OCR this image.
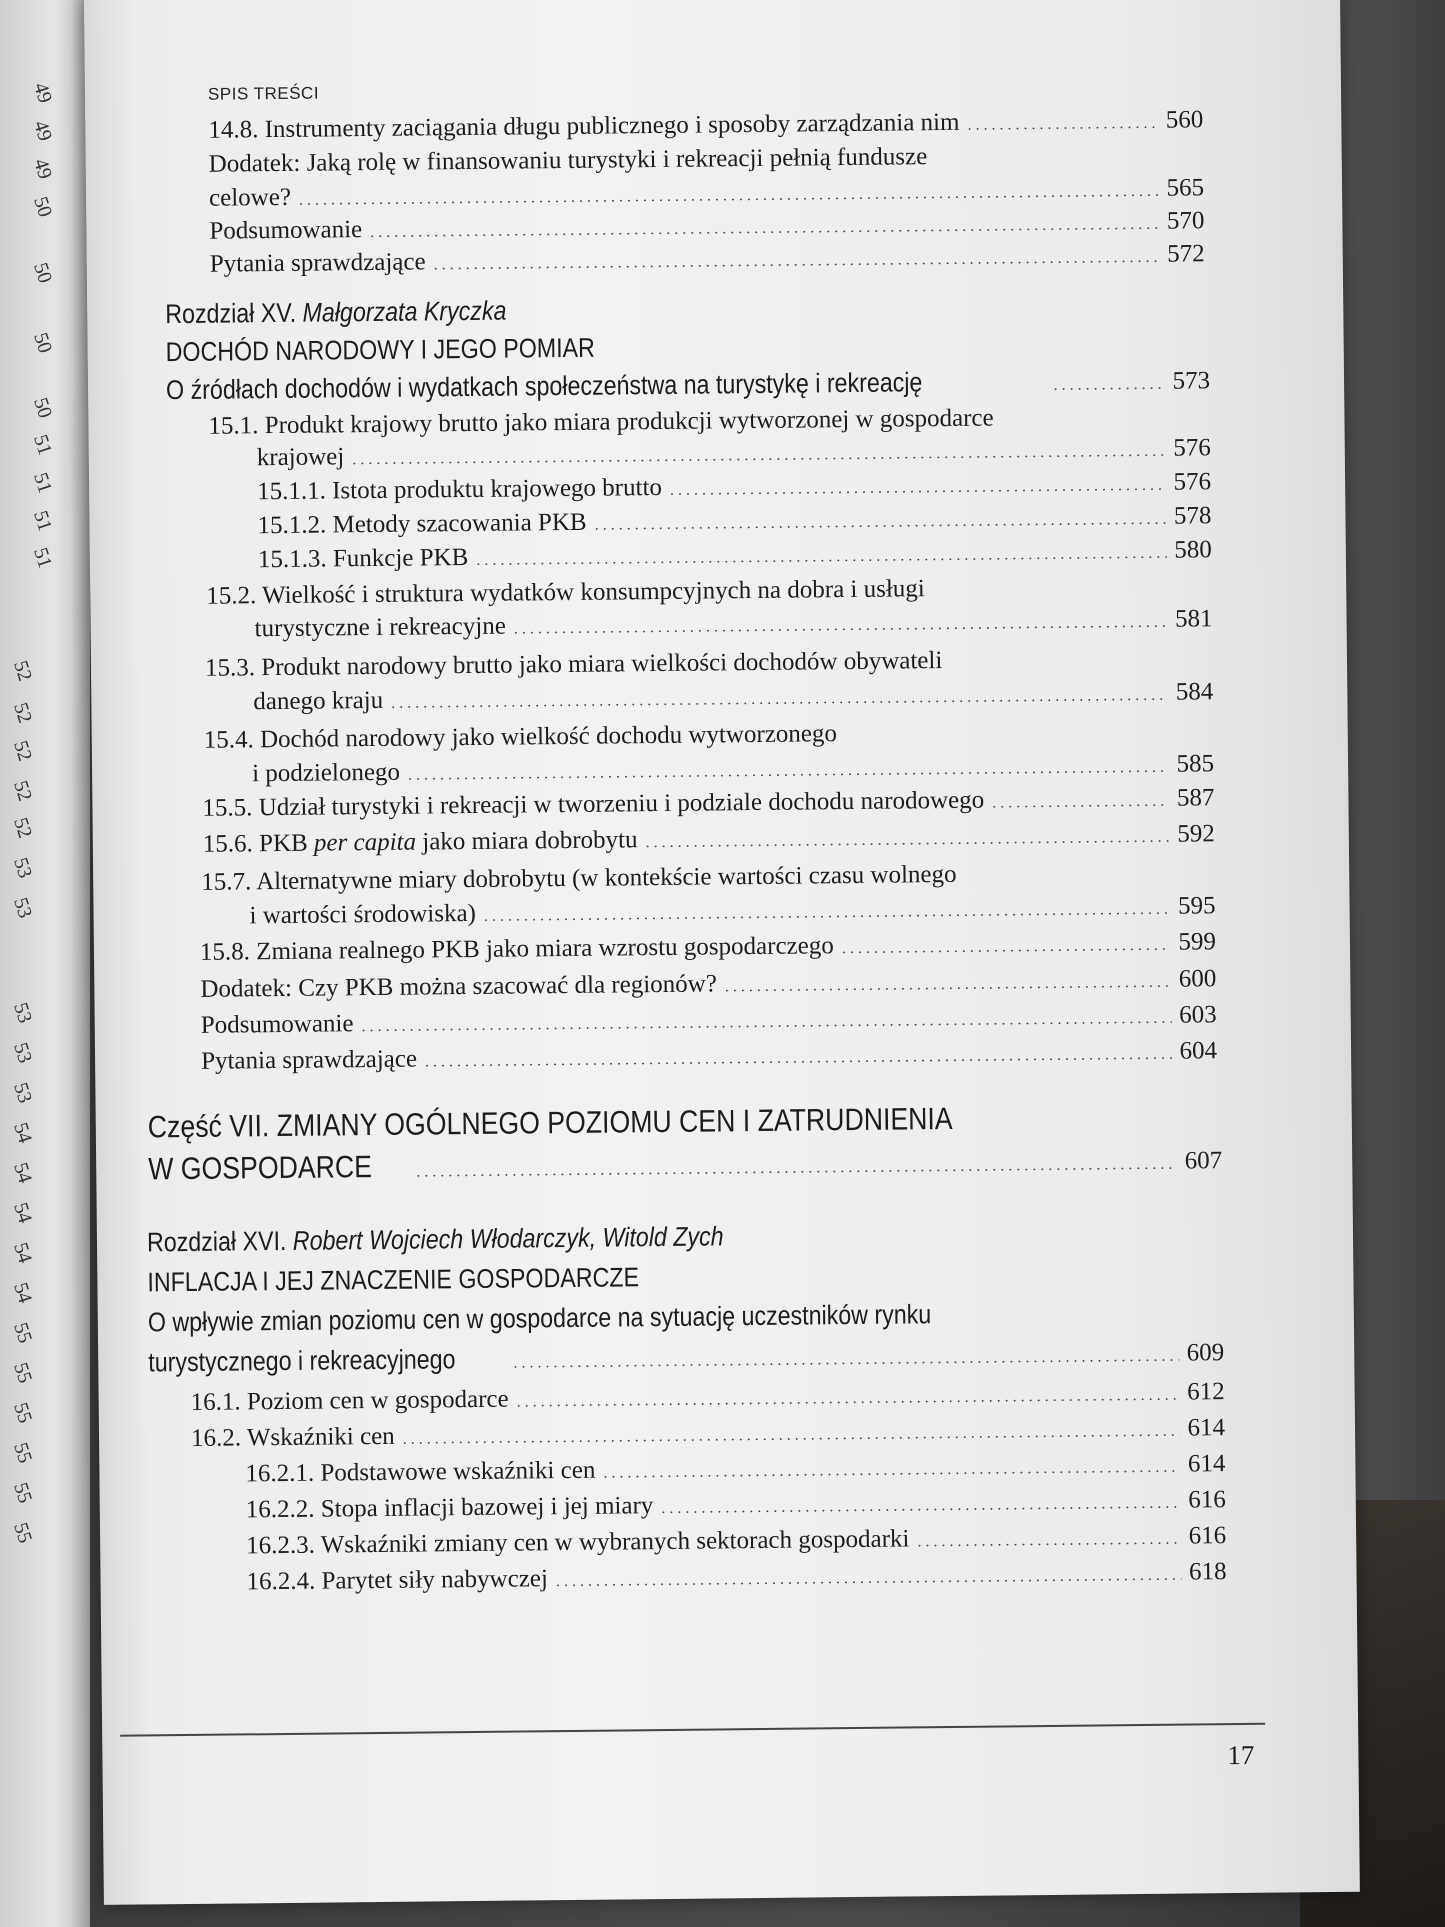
SPIS TREŚCI
14.8. Instrumenty zaciągania długu publicznego i sposoby zarządzania nim . . .	560
Dodatek: Jaką rolę w finansowaniu turystyki i rekreacji pełnią fundusze
celowe? . . .	565
Podsumowanie . . .	570
Pytania sprawdzające . . .	572
Rozdział XV. Małgorzata Kryczka
DOCHÓD NARODOWY I JEGO POMIAR
O źródłach dochodów i wydatkach społeczeństwa na turystykę i rekreację . . .	573
15.1. Produkt krajowy brutto jako miara produkcji wytworzonej w gospodarce
krajowej . . .	576
15.1.1. Istota produktu krajowego brutto . . .	576
15.1.2. Metody szacowania PKB . . .	578
15.1.3. Funkcje PKB . . .	580
15.2. Wielkość i struktura wydatków konsumpcyjnych na dobra i usługi
turystyczne i rekreacyjne . . .	581
15.3. Produkt narodowy brutto jako miara wielkości dochodów obywateli
danego kraju . . .	584
15.4. Dochód narodowy jako wielkość dochodu wytworzonego
i podzielonego . . .	585
15.5. Udział turystyki i rekreacji w tworzeniu i podziale dochodu narodowego . . .	587
15.6. PKB per capita jako miara dobrobytu . . .	592
15.7. Alternatywne miary dobrobytu (w kontekście wartości czasu wolnego
i wartości środowiska) . . .	595
15.8. Zmiana realnego PKB jako miara wzrostu gospodarczego . . .	599
Dodatek: Czy PKB można szacować dla regionów? . . .	600
Podsumowanie . . .	603
Pytania sprawdzające . . .	604
Część VII. ZMIANY OGÓLNEGO POZIOMU CEN I ZATRUDNIENIA
W GOSPODARCE . . .	607
Rozdział XVI. Robert Wojciech Włodarczyk, Witold Zych
INFLACJA I JEJ ZNACZENIE GOSPODARCZE
O wpływie zmian poziomu cen w gospodarce na sytuację uczestników rynku
turystycznego i rekreacyjnego . . .	609
16.1. Poziom cen w gospodarce . . .	612
16.2. Wskaźniki cen . . .	614
16.2.1. Podstawowe wskaźniki cen . . .	614
16.2.2. Stopa inflacji bazowej i jej miary . . .	616
16.2.3. Wskaźniki zmiany cen w wybranych sektorach gospodarki . . .	616
16.2.4. Parytet siły nabywczej . . .	618
17
49
49
49
50
50
50
50
51
51
51
51
52
52
52
52
52
53
53
53
53
53
54
54
54
54
54
55
55
55
55
55
55
